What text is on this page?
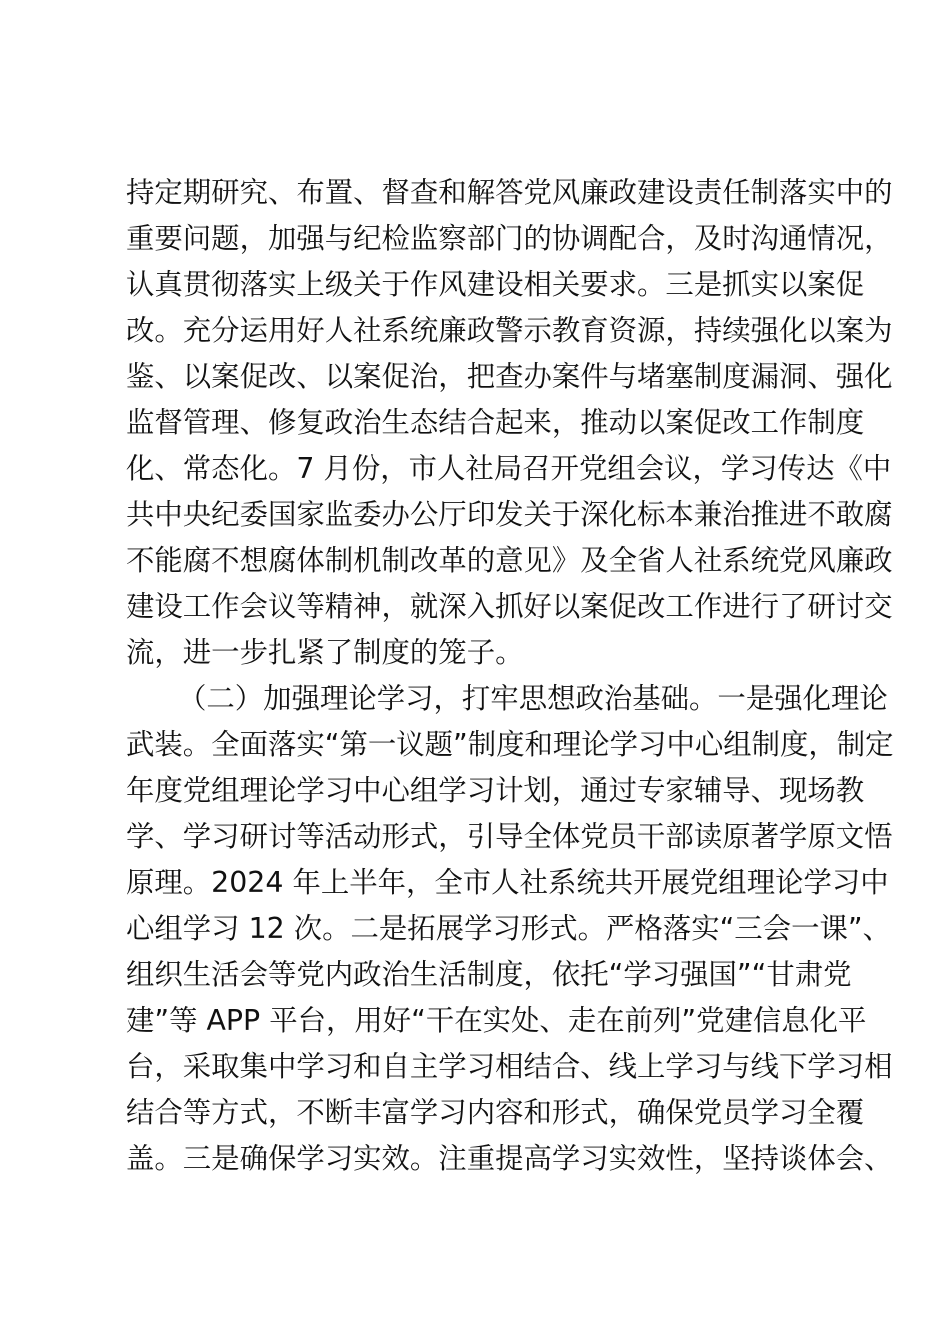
持定期研究、布置、督查和解答党风廉政建设责任制落实中的
重要问题，加强与纪检监察部门的协调配合，及时沟通情况，
认真贯彻落实上级关于作风建设相关要求。三是抓实以案促
改。充分运用好人社系统廉政警示教育资源，持续强化以案为
鉴、以案促改、以案促治，把查办案件与堵塞制度漏洞、强化
监督管理、修复政治生态结合起来，推动以案促改工作制度
化、常态化。7 月份，市人社局召开党组会议，学习传达《中
共中央纪委国家监委办公厅印发关于深化标本兼治推进不敢腐
不能腐不想腐体制机制改革的意见》及全省人社系统党风廉政
建设工作会议等精神，就深入抓好以案促改工作进行了研讨交
流，进一步扎紧了制度的笼子。
（二）加强理论学习，打牢思想政治基础。一是强化理论
武装。全面落实“第一议题”制度和理论学习中心组制度，制定
年度党组理论学习中心组学习计划，通过专家辅导、现场教
学、学习研讨等活动形式，引导全体党员干部读原著学原文悟
原理。2024 年上半年，全市人社系统共开展党组理论学习中
心组学习 12 次。二是拓展学习形式。严格落实“三会一课”、
组织生活会等党内政治生活制度，依托“学习强国”“甘肃党
建”等 APP 平台，用好“干在实处、走在前列”党建信息化平
台，采取集中学习和自主学习相结合、线上学习与线下学习相
结合等方式，不断丰富学习内容和形式，确保党员学习全覆
盖。三是确保学习实效。注重提高学习实效性，坚持谈体会、
